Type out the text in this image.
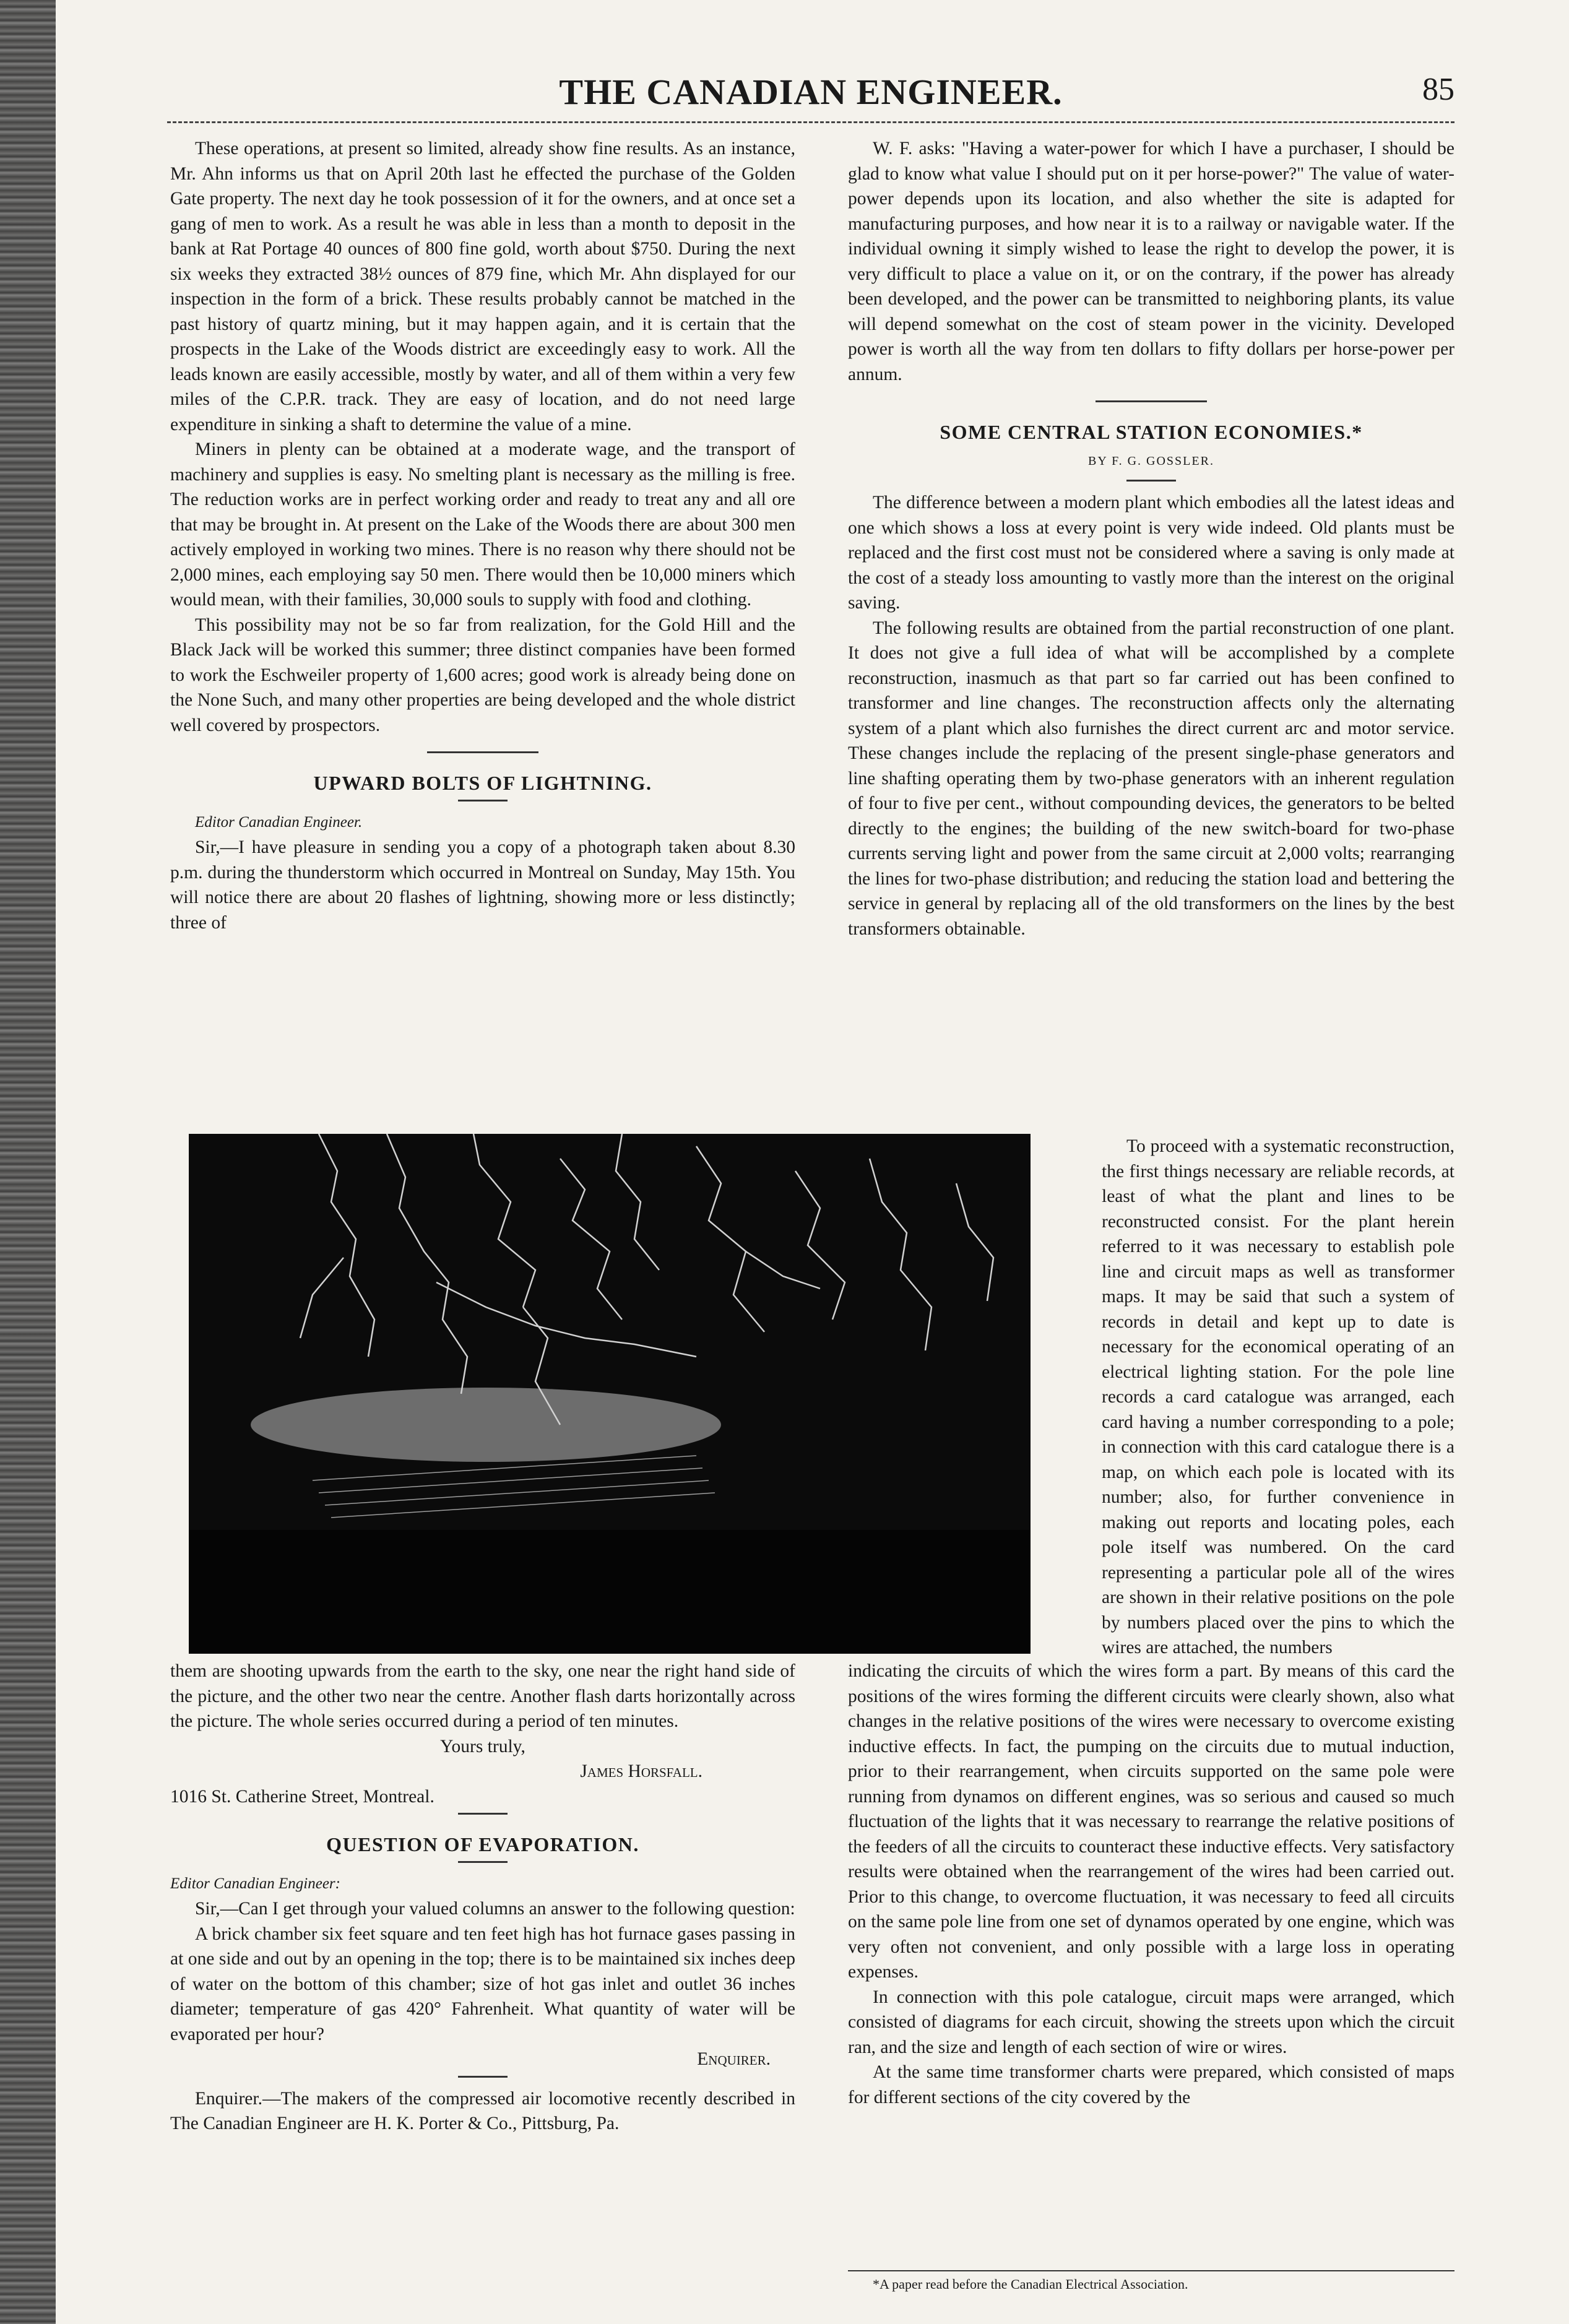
THE CANADIAN ENGINEER.	85

These operations, at present so limited, already show fine results. As an instance, Mr. Ahn informs us that on April 20th last he effected the purchase of the Golden Gate property. The next day he took possession of it for the owners, and at once set a gang of men to work. As a result he was able in less than a month to deposit in the bank at Rat Portage 40 ounces of 800 fine gold, worth about $750. During the next six weeks they extracted 38½ ounces of 879 fine, which Mr. Ahn displayed for our inspection in the form of a brick. These results probably cannot be matched in the past history of quartz mining, but it may happen again, and it is certain that the prospects in the Lake of the Woods district are exceedingly easy to work. All the leads known are easily accessible, mostly by water, and all of them within a very few miles of the C.P.R. track. They are easy of location, and do not need large expenditure in sinking a shaft to determine the value of a mine.

Miners in plenty can be obtained at a moderate wage, and the transport of machinery and supplies is easy. No smelting plant is necessary as the milling is free. The reduction works are in perfect working order and ready to treat any and all ore that may be brought in. At present on the Lake of the Woods there are about 300 men actively employed in working two mines. There is no reason why there should not be 2,000 mines, each employing say 50 men. There would then be 10,000 miners which would mean, with their families, 30,000 souls to supply with food and clothing.

This possibility may not be so far from realization, for the Gold Hill and the Black Jack will be worked this summer; three distinct companies have been formed to work the Eschweiler property of 1,600 acres; good work is already being done on the None Such, and many other properties are being developed and the whole district well covered by prospectors.

UPWARD BOLTS OF LIGHTNING.

Editor Canadian Engineer.

Sir,—I have pleasure in sending you a copy of a photograph taken about 8.30 p.m. during the thunderstorm which occurred in Montreal on Sunday, May 15th. You will notice there are about 20 flashes of lightning, showing more or less distinctly; three of

them are shooting upwards from the earth to the sky, one near the right hand side of the picture, and the other two near the centre. Another flash darts horizontally across the picture. The whole series occurred during a period of ten minutes.

Yours truly,

James Horsfall.

1016 St. Catherine Street, Montreal.

QUESTION OF EVAPORATION.

Editor Canadian Engineer:

Sir,—Can I get through your valued columns an answer to the following question:

A brick chamber six feet square and ten feet high has hot furnace gases passing in at one side and out by an opening in the top; there is to be maintained six inches deep of water on the bottom of this chamber; size of hot gas inlet and outlet 36 inches diameter; temperature of gas 420° Fahrenheit. What quantity of water will be evaporated per hour?

Enquirer.

Enquirer.—The makers of the compressed air locomotive recently described in The Canadian Engineer are H. K. Porter & Co., Pittsburg, Pa.

W. F. asks: "Having a water-power for which I have a purchaser, I should be glad to know what value I should put on it per horse-power?" The value of water-power depends upon its location, and also whether the site is adapted for manufacturing purposes, and how near it is to a railway or navigable water. If the individual owning it simply wished to lease the right to develop the power, it is very difficult to place a value on it, or on the contrary, if the power has already been developed, and the power can be transmitted to neighboring plants, its value will depend somewhat on the cost of steam power in the vicinity. Developed power is worth all the way from ten dollars to fifty dollars per horse-power per annum.

SOME CENTRAL STATION ECONOMIES.*
BY F. G. GOSSLER.

The difference between a modern plant which embodies all the latest ideas and one which shows a loss at every point is very wide indeed. Old plants must be replaced and the first cost must not be considered where a saving is only made at the cost of a steady loss amounting to vastly more than the interest on the original saving.

The following results are obtained from the partial reconstruction of one plant. It does not give a full idea of what will be accomplished by a complete reconstruction, inasmuch as that part so far carried out has been confined to transformer and line changes. The reconstruction affects only the alternating system of a plant which also furnishes the direct current arc and motor service. These changes include the replacing of the present single-phase generators and line shafting operating them by two-phase generators with an inherent regulation of four to five per cent., without compounding devices, the generators to be belted directly to the engines; the building of the new switch-board for two-phase currents serving light and power from the same circuit at 2,000 volts; rearranging the lines for two-phase distribution; and reducing the station load and bettering the service in general by replacing all of the old transformers on the lines by the best transformers obtainable.

To proceed with a systematic reconstruction, the first things necessary are reliable records, at least of what the plant and lines to be reconstructed consist. For the plant herein referred to it was necessary to establish pole line and circuit maps as well as transformer maps. It may be said that such a system of records in detail and kept up to date is necessary for the economical operating of an electrical lighting station. For the pole line records a card catalogue was arranged, each card having a number corresponding to a pole; in connection with this card catalogue there is a map, on which each pole is located with its number; also, for further convenience in making out reports and locating poles, each pole itself was numbered. On the card representing a particular pole all of the wires are shown in their relative positions on the pole by numbers placed over the pins to which the wires are attached, the numbers

indicating the circuits of which the wires form a part. By means of this card the positions of the wires forming the different circuits were clearly shown, also what changes in the relative positions of the wires were necessary to overcome existing inductive effects. In fact, the pumping on the circuits due to mutual induction, prior to their rearrangement, when circuits supported on the same pole were running from dynamos on different engines, was so serious and caused so much fluctuation of the lights that it was necessary to rearrange the relative positions of the feeders of all the circuits to counteract these inductive effects. Very satisfactory results were obtained when the rearrangement of the wires had been carried out. Prior to this change, to overcome fluctuation, it was necessary to feed all circuits on the same pole line from one set of dynamos operated by one engine, which was very often not convenient, and only possible with a large loss in operating expenses.

In connection with this pole catalogue, circuit maps were arranged, which consisted of diagrams for each circuit, showing the streets upon which the circuit ran, and the size and length of each section of wire or wires.

At the same time transformer charts were prepared, which consisted of maps for different sections of the city covered by the

*A paper read before the Canadian Electrical Association.
